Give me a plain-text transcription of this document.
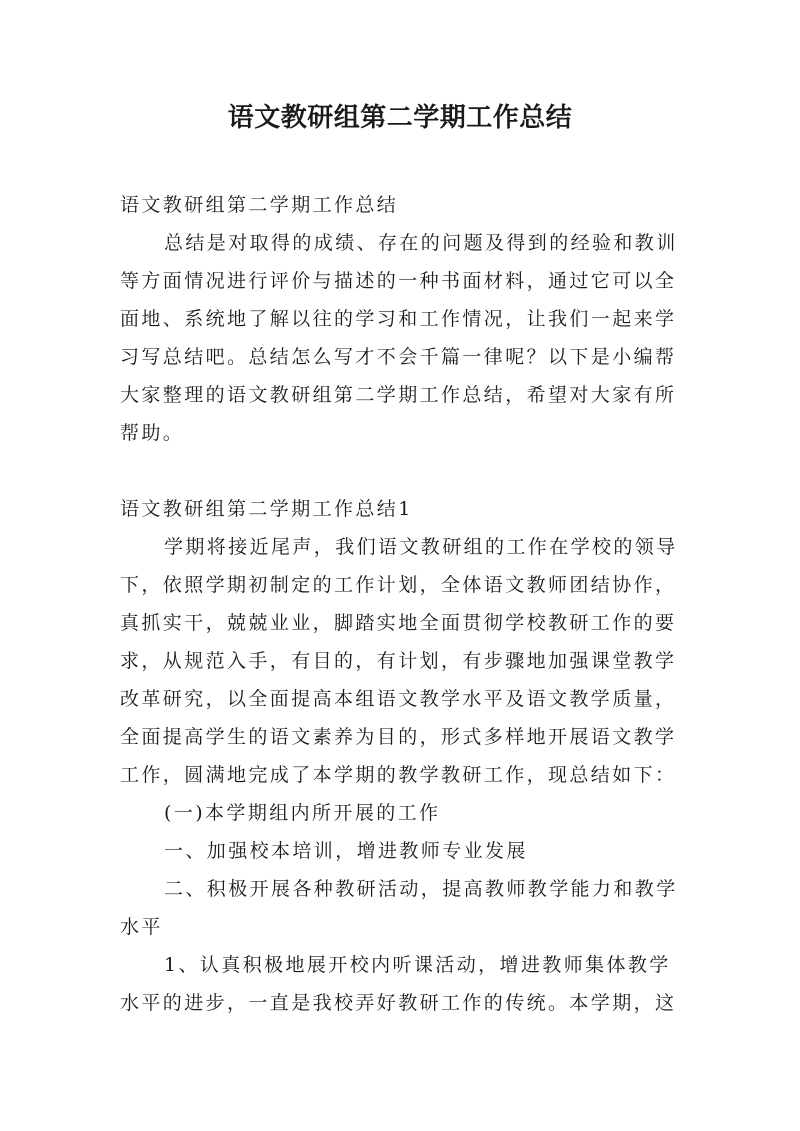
语文教研组第二学期工作总结
语文教研组第二学期工作总结
总结是对取得的成绩、存在的问题及得到的经验和教训
等方面情况进行评价与描述的一种书面材料，通过它可以全
面地、系统地了解以往的学习和工作情况，让我们一起来学
习写总结吧。总结怎么写才不会千篇一律呢？以下是小编帮
大家整理的语文教研组第二学期工作总结，希望对大家有所
帮助。
语文教研组第二学期工作总结1
学期将接近尾声，我们语文教研组的工作在学校的领导
下，依照学期初制定的工作计划，全体语文教师团结协作，
真抓实干，兢兢业业，脚踏实地全面贯彻学校教研工作的要
求，从规范入手，有目的，有计划，有步骤地加强课堂教学
改革研究，以全面提高本组语文教学水平及语文教学质量，
全面提高学生的语文素养为目的，形式多样地开展语文教学
工作，圆满地完成了本学期的教学教研工作，现总结如下：
(一)本学期组内所开展的工作
一、加强校本培训，增进教师专业发展
二、积极开展各种教研活动，提高教师教学能力和教学
水平
1、认真积极地展开校内听课活动，增进教师集体教学
水平的进步，一直是我校弄好教研工作的传统。本学期，这
